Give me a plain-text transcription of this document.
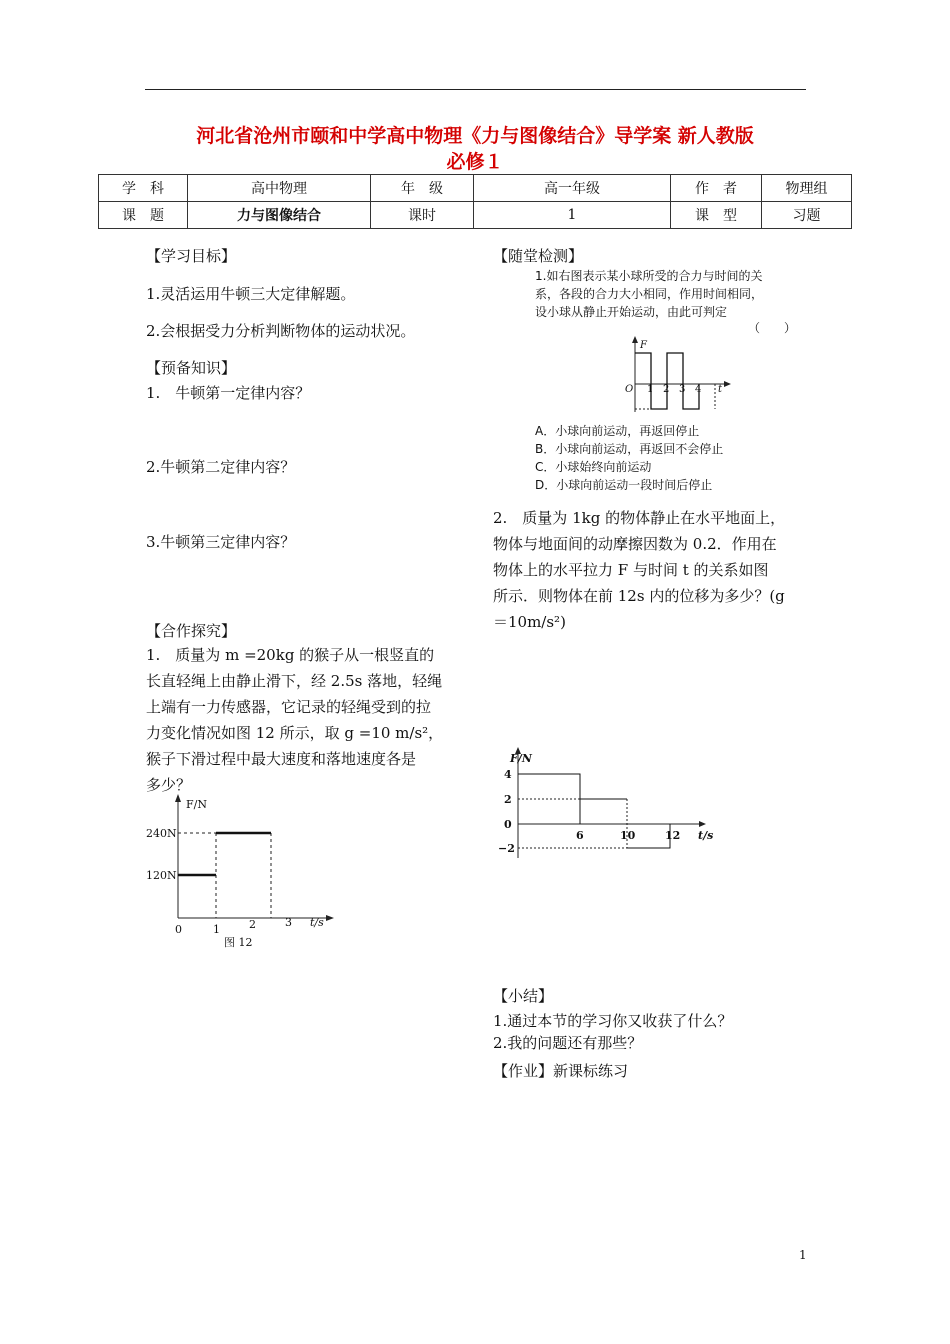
河北省沧州市颐和中学高中物理《力与图像结合》导学案 新人教版
必修１
学　科	高中物理	年　级	高一年级	作　者	物理组
课　题	力与图像结合	课时	1	课　型	习题
【学习目标】
1.灵活运用牛顿三大定律解题。
2.会根据受力分析判断物体的运动状况。
【预备知识】
1.　牛顿第一定律内容？
2.牛顿第二定律内容？
3.牛顿第三定律内容？
【合作探究】
1.　质量为 m =20kg 的猴子从一根竖直的
长直轻绳上由静止滑下，经 2.5s 落地，轻绳
上端有一力传感器，它记录的轻绳受到的拉
力变化情况如图 12 所示，取 g =10 m/s²，
猴子下滑过程中最大速度和落地速度各是
多少？
F/N
240N
120N
0	1	2	3 t/s
图 12
【随堂检测】
1.如右图表示某小球所受的合力与时间的关
系，各段的合力大小相同，作用时间相同，
设小球从静止开始运动，由此可判定
（　　）
F
O 1 2 3 4 t
A．小球向前运动，再返回停止
B．小球向前运动，再返回不会停止
C．小球始终向前运动
D．小球向前运动一段时间后停止
2.　质量为 1kg 的物体静止在水平地面上，
物体与地面间的动摩擦因数为 0.2．作用在
物体上的水平拉力 F 与时间 t 的关系如图
所示．则物体在前 12s 内的位移为多少？(g
＝10m/s²)
F/N
4
2
0
−2
6	10	12 t/s
【小结】
1.通过本节的学习你又收获了什么？
2.我的问题还有那些？
【作业】新课标练习
1
